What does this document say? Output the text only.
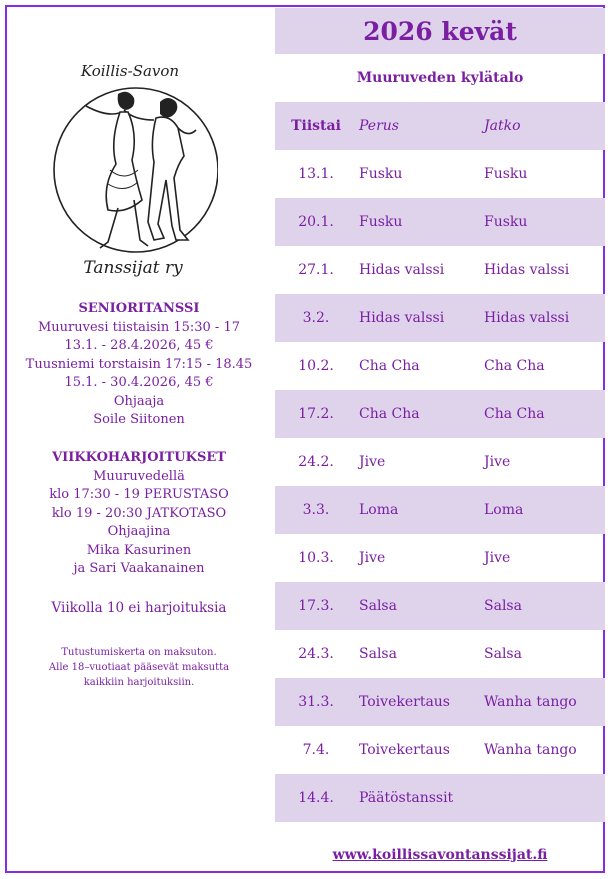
Koillis-Savon
Tanssijat ry
SENIORITANSSI
Muuruvesi tiistaisin 15:30 - 17
13.1. - 28.4.2026, 45 €
Tuusniemi torstaisin 17:15 - 18.45
15.1. - 30.4.2026, 45 €
Ohjaaja
Soile Siitonen
VIIKKOHARJOITUKSET
Muuruvedellä
klo 17:30 - 19 PERUSTASO
klo 19 - 20:30 JATKOTASO
Ohjaajina
Mika Kasurinen
ja Sari Vaakanainen
Viikolla 10 ei harjoituksia
Tutustumiskerta on maksuton.
Alle 18–vuotiaat pääsevät maksutta
kaikkiin harjoituksiin.
2026 kevät
Muuruveden kylätalo
Tiistai	Perus	Jatko
13.1.	Fusku	Fusku
20.1.	Fusku	Fusku
27.1.	Hidas valssi	Hidas valssi
3.2.	Hidas valssi	Hidas valssi
10.2.	Cha Cha	Cha Cha
17.2.	Cha Cha	Cha Cha
24.2.	Jive	Jive
3.3.	Loma	Loma
10.3.	Jive	Jive
17.3.	Salsa	Salsa
24.3.	Salsa	Salsa
31.3.	Toivekertaus	Wanha tango
7.4.	Toivekertaus	Wanha tango
14.4.	Päätöstanssit
www.koillissavontanssijat.fi
